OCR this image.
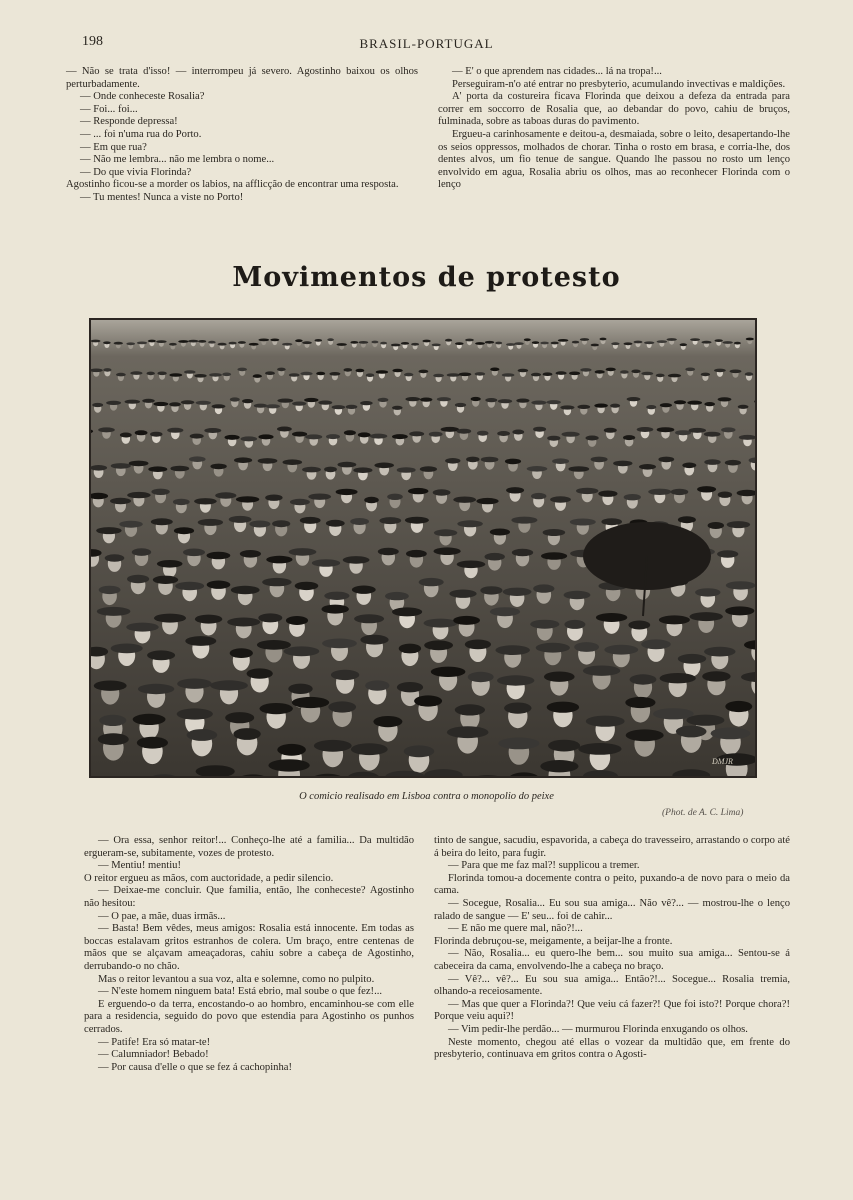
198	BRASIL-PORTUGAL

— Não se trata d'isso! — interrompeu já severo. Agostinho baixou os olhos perturbadamente.

— Onde conheceste Rosalia?

— Foi... foi...

— Responde depressa!

— ... foi n'uma rua do Porto.

— Em que rua?

— Não me lembra... não me lembra o nome...

— Do que vivia Florinda?

Agostinho ficou-se a morder os labios, na afflicção de encontrar uma resposta.

— Tu mentes! Nunca a viste no Porto!

— E' o que aprendem nas cidades... lá na tropa!...

Perseguiram-n'o até entrar no presbyterio, acumulando invectivas e maldições.

A' porta da costureira ficava Florinda que deixou a defeza da entrada para correr em soccorro de Rosalia que, ao debandar do povo, cahiu de bruços, fulminada, sobre as taboas duras do pavimento.

Ergueu-a carinhosamente e deitou-a, desmaiada, sobre o leito, desapertando-lhe os seios oppressos, molhados de chorar. Tinha o rosto em brasa, e corria-lhe, dos dentes alvos, um fio tenue de sangue. Quando lhe passou no rosto um lenço envolvido em agua, Rosalia abriu os olhos, mas ao reconhecer Florinda com o lenço

Movimentos de protesto
DMJR
O comicio realisado em Lisboa contra o monopolio do peixe
(Phot. de A. C. Lima)

— Ora essa, senhor reitor!... Conheço-lhe até a familia... Da multidão ergueram-se, subitamente, vozes de protesto.

— Mentiu! mentiu!

O reitor ergueu as mãos, com auctoridade, a pedir silencio.

— Deixae-me concluir. Que familia, então, lhe conheceste? Agostinho não hesitou:

— O pae, a mãe, duas irmãs...

— Basta! Bem vêdes, meus amigos: Rosalia está innocente. Em todas as boccas estalavam gritos estranhos de colera. Um braço, entre centenas de mãos que se alçavam ameaçadoras, cahiu sobre a cabeça de Agostinho, derrubando-o no chão.

Mas o reitor levantou a sua voz, alta e solemne, como no pulpito.

— N'este homem ninguem bata! Está ebrio, mal soube o que fez!...

E erguendo-o da terra, encostando-o ao hombro, encaminhou-se com elle para a residencia, seguido do povo que estendia para Agostinho os punhos cerrados.

— Patife! Era só matar-te!

— Calumniador! Bebado!

— Por causa d'elle o que se fez á cachopinha!

tinto de sangue, sacudiu, espavorida, a cabeça do travesseiro, arrastando o corpo até á beira do leito, para fugir.

— Para que me faz mal?! supplicou a tremer.

Florinda tomou-a docemente contra o peito, puxando-a de novo para o meio da cama.

— Socegue, Rosalia... Eu sou sua amiga... Não vê?... — mostrou-lhe o lenço ralado de sangue — E' seu... foi de cahir...

— E não me quere mal, não?!...

Florinda debruçou-se, meigamente, a beijar-lhe a fronte.

— Não, Rosalia... eu quero-lhe bem... sou muito sua amiga... Sentou-se á cabeceira da cama, envolvendo-lhe a cabeça no braço.

— Vê?... vê?... Eu sou sua amiga... Então?!... Socegue... Rosalia tremia, olhando-a receiosamente.

— Mas que quer a Florinda?! Que veiu cá fazer?! Que foi isto?! Porque chora?! Porque veiu aqui?!

— Vim pedir-lhe perdão... — murmurou Florinda enxugando os olhos.

Neste momento, chegou até ellas o vozear da multidão que, em frente do presbyterio, continuava em gritos contra o Agosti-
